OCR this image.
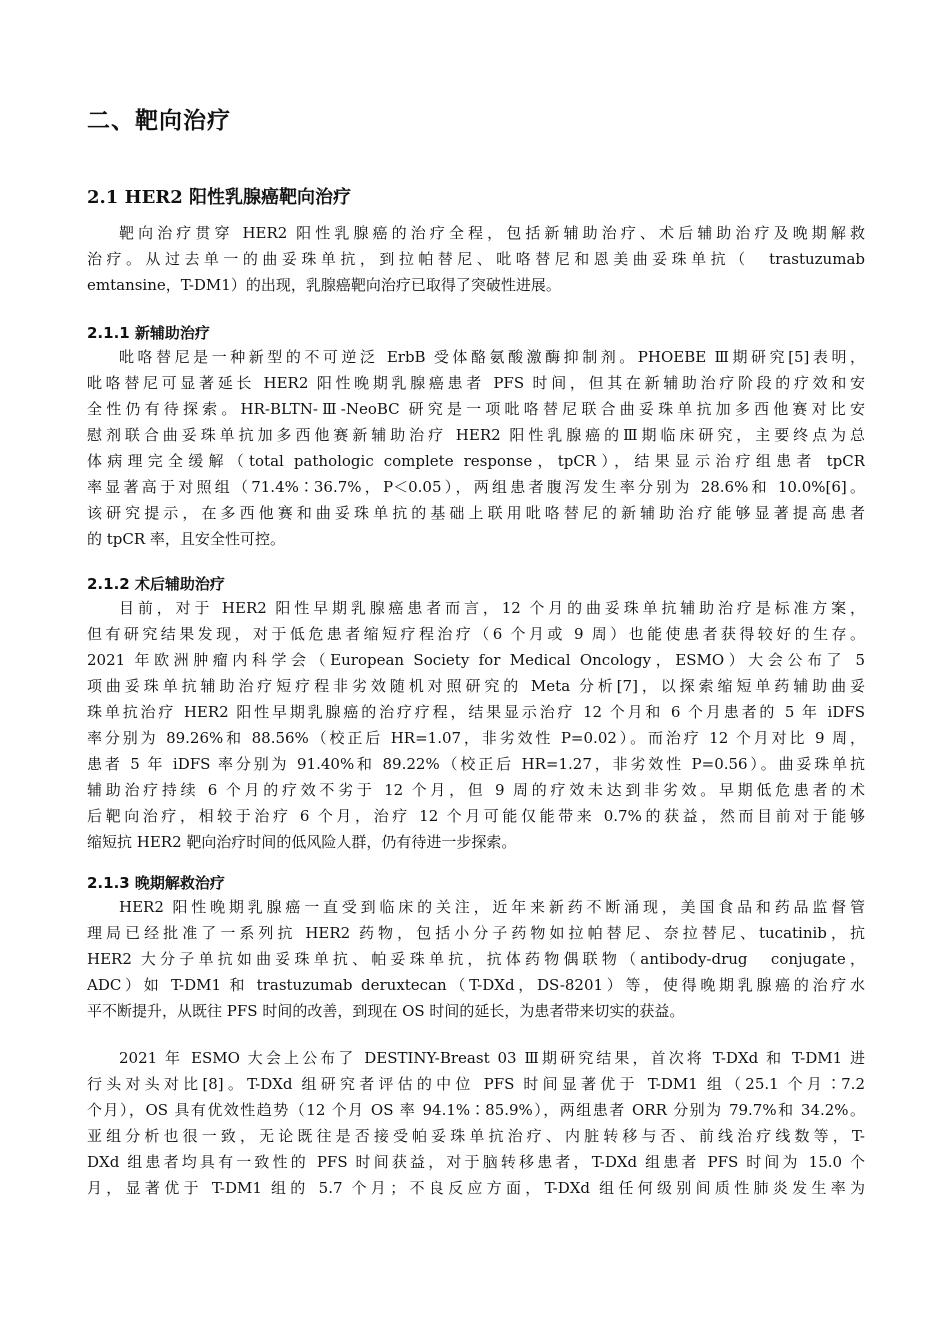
二、靶向治疗
2.1 HER2 阳性乳腺癌靶向治疗
靶向治疗贯穿 HER2 阳性乳腺癌的治疗全程，包括新辅助治疗、术后辅助治疗及晚期解救
治疗。从过去单一的曲妥珠单抗，到拉帕替尼、吡咯替尼和恩美曲妥珠单抗（　trastuzumab
emtansine，T-DM1）的出现，乳腺癌靶向治疗已取得了突破性进展。
2.1.1 新辅助治疗
吡咯替尼是一种新型的不可逆泛 ErbB 受体酪氨酸激酶抑制剂。PHOEBE Ⅲ期研究[5]表明，
吡咯替尼可显著延长 HER2 阳性晚期乳腺癌患者 PFS 时间，但其在新辅助治疗阶段的疗效和安
全性仍有待探索。HR-BLTN-Ⅲ-NeoBC 研究是一项吡咯替尼联合曲妥珠单抗加多西他赛对比安
慰剂联合曲妥珠单抗加多西他赛新辅助治疗 HER2 阳性乳腺癌的Ⅲ期临床研究，主要终点为总
体病理完全缓解（total pathologic complete response，tpCR），结果显示治疗组患者 tpCR
率显著高于对照组（71.4%∶36.7%，P＜0.05），两组患者腹泻发生率分别为 28.6%和 10.0%[6]。
该研究提示，在多西他赛和曲妥珠单抗的基础上联用吡咯替尼的新辅助治疗能够显著提高患者
的 tpCR 率，且安全性可控。
2.1.2 术后辅助治疗
目前，对于 HER2 阳性早期乳腺癌患者而言，12 个月的曲妥珠单抗辅助治疗是标准方案，
但有研究结果发现，对于低危患者缩短疗程治疗（6 个月或 9 周）也能使患者获得较好的生存。
2021 年欧洲肿瘤内科学会（European Society for Medical Oncology，ESMO）大会公布了 5
项曲妥珠单抗辅助治疗短疗程非劣效随机对照研究的 Meta 分析[7]，以探索缩短单药辅助曲妥
珠单抗治疗 HER2 阳性早期乳腺癌的治疗疗程，结果显示治疗 12 个月和 6 个月患者的 5 年 iDFS
率分别为 89.26%和 88.56%（校正后 HR=1.07，非劣效性 P=0.02）。而治疗 12 个月对比 9 周，
患者 5 年 iDFS 率分别为 91.40%和 89.22%（校正后 HR=1.27，非劣效性 P=0.56）。曲妥珠单抗
辅助治疗持续 6 个月的疗效不劣于 12 个月，但 9 周的疗效未达到非劣效。早期低危患者的术
后靶向治疗，相较于治疗 6 个月，治疗 12 个月可能仅能带来 0.7%的获益，然而目前对于能够
缩短抗 HER2 靶向治疗时间的低风险人群，仍有待进一步探索。
2.1.3 晚期解救治疗
HER2 阳性晚期乳腺癌一直受到临床的关注，近年来新药不断涌现，美国食品和药品监督管
理局已经批准了一系列抗 HER2 药物，包括小分子药物如拉帕替尼、奈拉替尼、tucatinib，抗
HER2 大分子单抗如曲妥珠单抗、帕妥珠单抗，抗体药物偶联物（antibody-drug　conjugate，
ADC）如 T-DM1 和 trastuzumab deruxtecan（T-DXd，DS-8201）等，使得晚期乳腺癌的治疗水
平不断提升，从既往 PFS 时间的改善，到现在 OS 时间的延长，为患者带来切实的获益。
2021 年 ESMO 大会上公布了 DESTINY-Breast 03 Ⅲ期研究结果，首次将 T-DXd 和 T-DM1 进
行头对头对比[8]。T-DXd 组研究者评估的中位 PFS 时间显著优于 T-DM1 组（25.1 个月∶7.2
个月），OS 具有优效性趋势（12 个月 OS 率 94.1%∶85.9%），两组患者 ORR 分别为 79.7%和 34.2%。
亚组分析也很一致，无论既往是否接受帕妥珠单抗治疗、内脏转移与否、前线治疗线数等，T-
DXd 组患者均具有一致性的 PFS 时间获益，对于脑转移患者，T-DXd 组患者 PFS 时间为 15.0 个
月，显著优于 T-DM1 组的 5.7 个月；不良反应方面，T-DXd 组任何级别间质性肺炎发生率为
